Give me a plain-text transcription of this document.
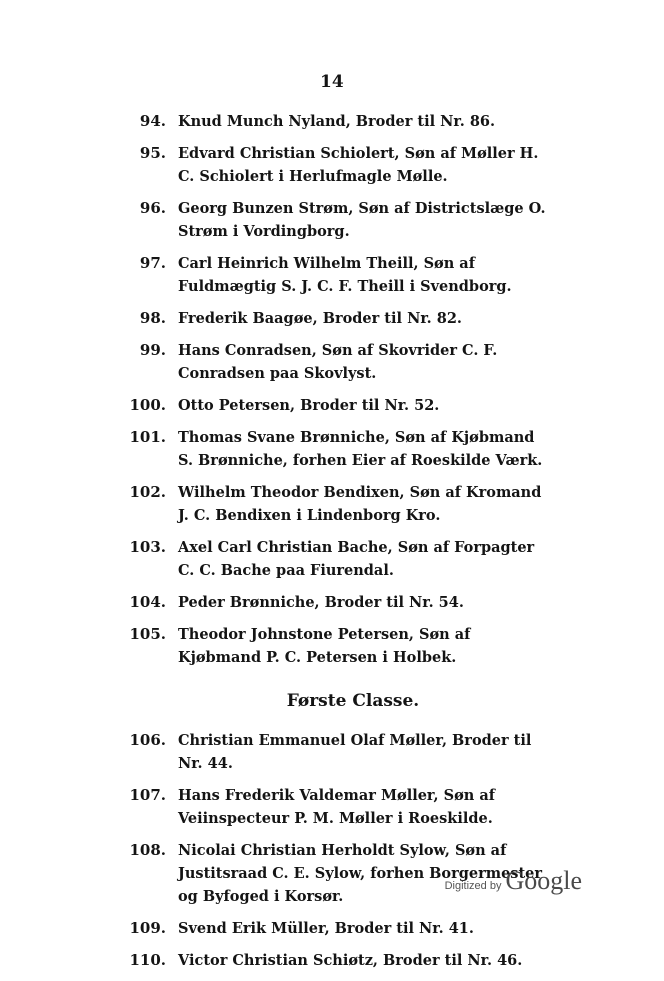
14
94. Knud Munch Nyland, Broder til Nr. 86.
95. Edvard Christian Schiolert, Søn af Møller H. C. Schiolert i Herlufmagle Mølle.
96. Georg Bunzen Strøm, Søn af Districtslæge O. Strøm i Vordingborg.
97. Carl Heinrich Wilhelm Theill, Søn af Fuldmægtig S. J. C. F. Theill i Svendborg.
98. Frederik Baagøe, Broder til Nr. 82.
99. Hans Conradsen, Søn af Skovrider C. F. Conradsen paa Skovlyst.
100. Otto Petersen, Broder til Nr. 52.
101. Thomas Svane Brønniche, Søn af Kjøbmand S. Brønniche, forhen Eier af Roeskilde Værk.
102. Wilhelm Theodor Bendixen, Søn af Kromand J. C. Bendixen i Lindenborg Kro.
103. Axel Carl Christian Bache, Søn af Forpagter C. C. Bache paa Fiurendal.
104. Peder Brønniche, Broder til Nr. 54.
105. Theodor Johnstone Petersen, Søn af Kjøbmand P. C. Petersen i Holbek.
Første Classe.
106. Christian Emmanuel Olaf Møller, Broder til Nr. 44.
107. Hans Frederik Valdemar Møller, Søn af Veiinspecteur P. M. Møller i Roeskilde.
108. Nicolai Christian Herholdt Sylow, Søn af Justitsraad C. E. Sylow, forhen Borgermester og Byfoged i Korsør.
109. Svend Erik Müller, Broder til Nr. 41.
110. Victor Christian Schiøtz, Broder til Nr. 46.
Digitized by Google
